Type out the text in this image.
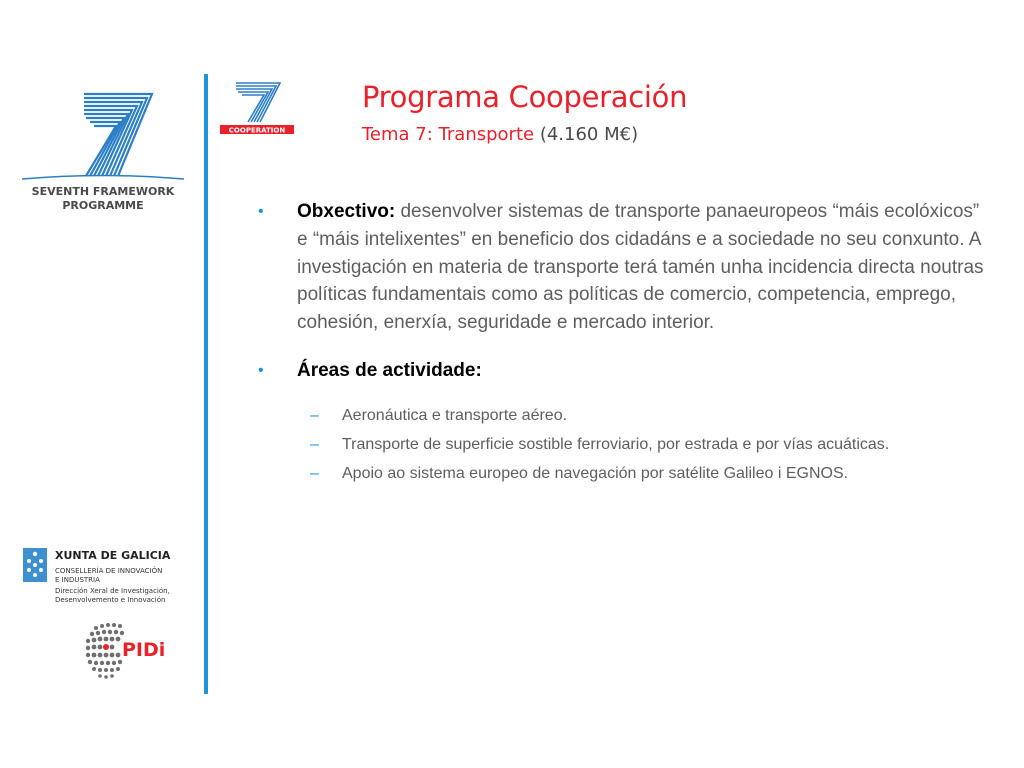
SEVENTH FRAMEWORK
PROGRAMME
COOPERATION
XUNTA DE GALICIA
CONSELLERÍA DE INNOVACIÓN
E INDUSTRIA
Dirección Xeral de Investigación,
Desenvolvemento e Innovación
PIDi
Programa Cooperación
Tema 7: Transporte (4.160 M€)
• Obxectivo: desenvolver sistemas de transporte panaeuropeos “máis ecolóxicos” e “máis intelixentes” en beneficio dos cidadáns e a sociedade no seu conxunto. A investigación en materia de transporte terá tamén unha incidencia directa noutras políticas fundamentais como as políticas de comercio, competencia, emprego, cohesión, enerxía, seguridade e mercado interior.
• Áreas de actividade:
– Aeronáutica e transporte aéreo.
– Transporte de superficie sostible ferroviario, por estrada e por vías acuáticas.
– Apoio ao sistema europeo de navegación por satélite Galileo i EGNOS.
